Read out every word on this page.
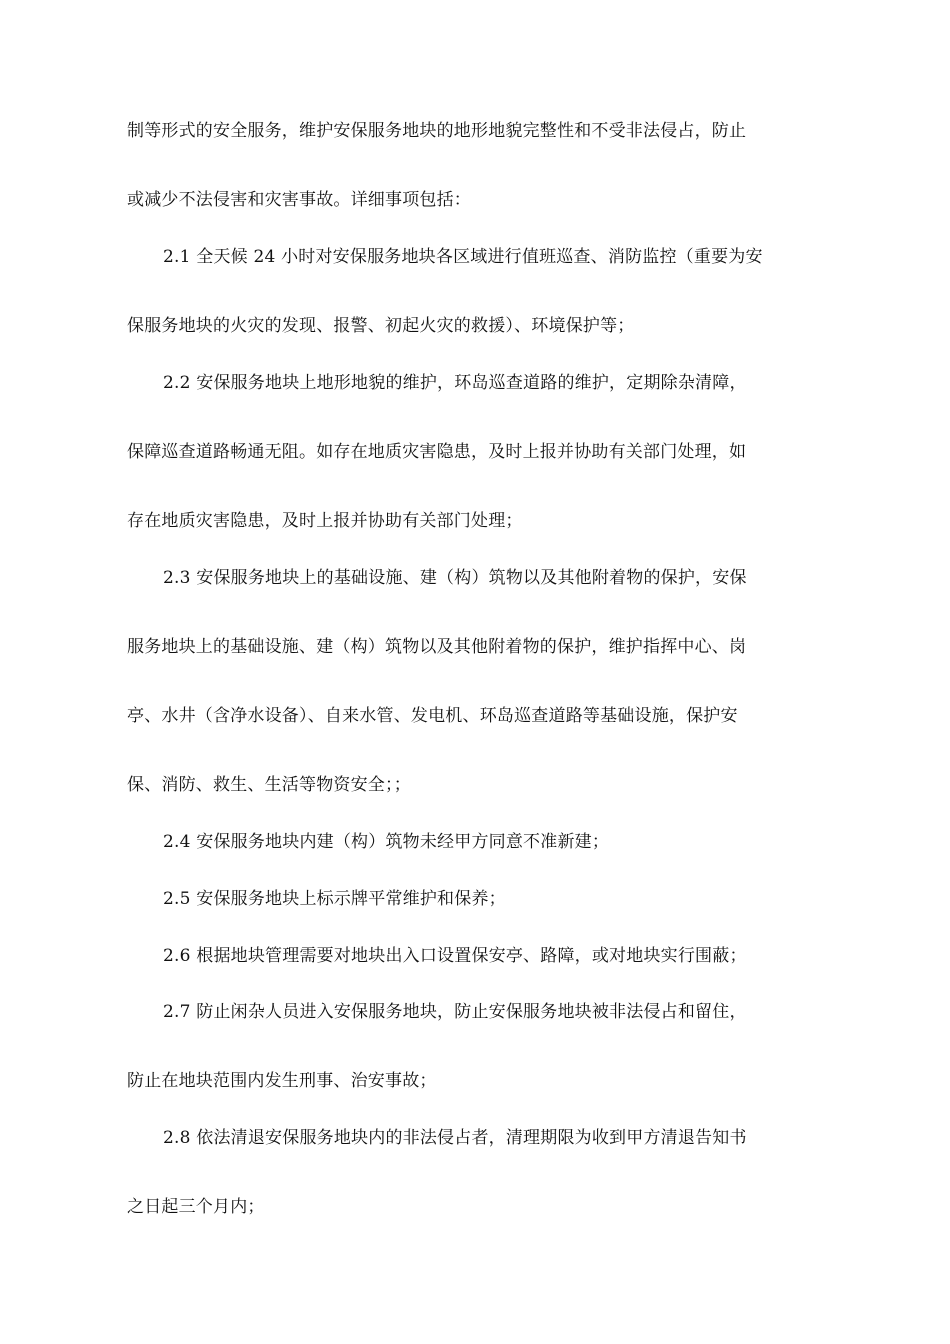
制等形式的安全服务，维护安保服务地块的地形地貌完整性和不受非法侵占，防止
或减少不法侵害和灾害事故。详细事项包括：
2.1 全天候 24 小时对安保服务地块各区域进行值班巡查、消防监控（重要为安
保服务地块的火灾的发现、报警、初起火灾的救援）、环境保护等；
2.2 安保服务地块上地形地貌的维护，环岛巡查道路的维护，定期除杂清障，
保障巡查道路畅通无阻。如存在地质灾害隐患，及时上报并协助有关部门处理，如
存在地质灾害隐患，及时上报并协助有关部门处理；
2.3 安保服务地块上的基础设施、建（构）筑物以及其他附着物的保护，安保
服务地块上的基础设施、建（构）筑物以及其他附着物的保护，维护指挥中心、岗
亭、水井（含净水设备）、自来水管、发电机、环岛巡查道路等基础设施，保护安
保、消防、救生、生活等物资安全；；
2.4 安保服务地块内建（构）筑物未经甲方同意不准新建；
2.5 安保服务地块上标示牌平常维护和保养；
2.6 根据地块管理需要对地块出入口设置保安亭、路障，或对地块实行围蔽；
2.7 防止闲杂人员进入安保服务地块，防止安保服务地块被非法侵占和留住，
防止在地块范围内发生刑事、治安事故；
2.8 依法清退安保服务地块内的非法侵占者，清理期限为收到甲方清退告知书
之日起三个月内；
